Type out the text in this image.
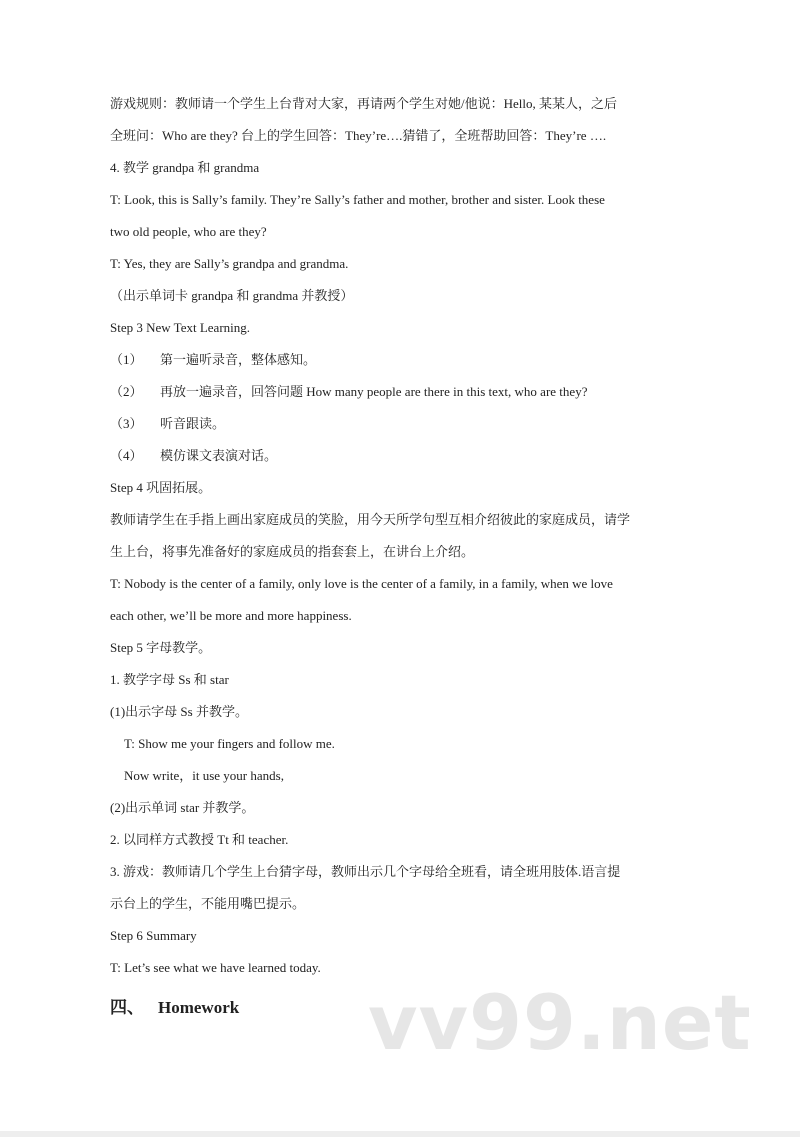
游戏规则：教师请一个学生上台背对大家，再请两个学生对她/他说：Hello, 某某人，之后
全班问：Who are they? 台上的学生回答：They’re….猜错了，全班帮助回答：They’re ….
4. 教学 grandpa 和 grandma
T: Look, this is Sally’s family. They’re Sally’s father and mother, brother and sister. Look these
two old people, who are they?
T: Yes, they are Sally’s grandpa and grandma.
（出示单词卡 grandpa 和 grandma 并教授）
Step 3 New Text Learning.
（1） 第一遍听录音，整体感知。
（2） 再放一遍录音，回答问题 How many people are there in this text, who are they?
（3） 听音跟读。
（4） 模仿课文表演对话。
Step 4 巩固拓展。
教师请学生在手指上画出家庭成员的笑脸，用今天所学句型互相介绍彼此的家庭成员，请学
生上台，将事先准备好的家庭成员的指套套上，在讲台上介绍。
T: Nobody is the center of a family, only love is the center of a family, in a family, when we love
each other, we’ll be more and more happiness.
Step 5 字母教学。
1. 教学字母 Ss 和 star
(1)出示字母 Ss 并教学。
T: Show me your fingers and follow me.
Now write，it use your hands,
(2)出示单词 star 并教学。
2. 以同样方式教授 Tt 和 teacher.
3. 游戏：教师请几个学生上台猜字母，教师出示几个字母给全班看，请全班用肢体.语言提
示台上的学生，不能用嘴巴提示。
Step 6 Summary
T: Let’s see what we have learned today.
四、 Homework	vv99.net
